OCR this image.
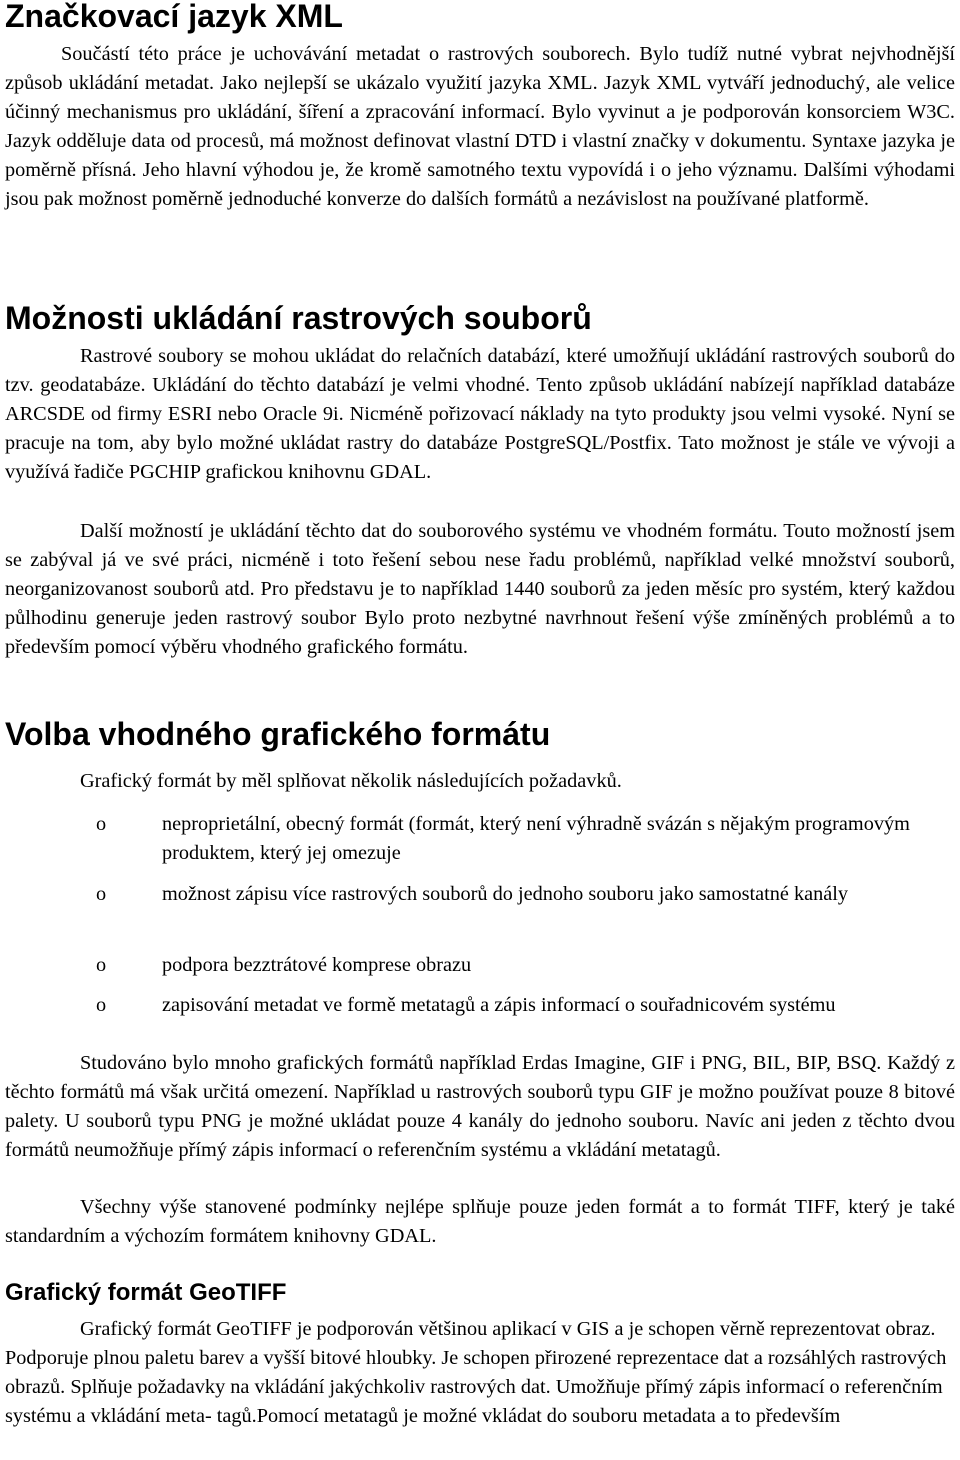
Značkovací jazyk XML

Součástí této práce je uchovávání metadat o rastrových souborech. Bylo tudíž nutné vybrat nejvhodnější způsob ukládání metadat. Jako nejlepší se ukázalo využití jazyka XML. Jazyk XML vytváří jednoduchý, ale velice účinný mechanismus pro ukládání, šíření a zpracování informací. Bylo vyvinut a je podporován konsorciem W3C. Jazyk odděluje data od procesů, má možnost definovat vlastní DTD i vlastní značky v dokumentu. Syntaxe jazyka je poměrně přísná. Jeho hlavní výhodou je, že kromě samotného textu vypovídá i o jeho významu. Dalšími výhodami jsou pak možnost poměrně jednoduché konverze do dalších formátů a nezávislost na používané platformě.

Možnosti ukládání rastrových souborů

Rastrové soubory se mohou ukládat do relačních databází, které umožňují ukládání rastrových souborů do tzv. geodatabáze. Ukládání do těchto databází je velmi vhodné. Tento způsob ukládání nabízejí například databáze ARCSDE od firmy ESRI nebo Oracle 9i. Nicméně pořizovací náklady na tyto produkty jsou velmi vysoké. Nyní se pracuje na tom, aby bylo možné ukládat rastry do databáze PostgreSQL/Postfix. Tato možnost je stále ve vývoji a využívá řadiče PGCHIP grafickou knihovnu GDAL.

Další možností je ukládání těchto dat do souborového systému ve vhodném formátu. Touto možností jsem se zabýval já ve své práci, nicméně i toto řešení sebou nese řadu problémů, například velké množství souborů, neorganizovanost souborů atd. Pro představu je to například 1440 souborů za jeden měsíc pro systém, který každou půlhodinu generuje jeden rastrový soubor Bylo proto nezbytné navrhnout řešení výše zmíněných problémů a to především pomocí výběru vhodného grafického formátu.

Volba vhodného grafického formátu

Grafický formát by měl splňovat několik následujících požadavků.

o	neproprietální, obecný formát (formát, který není výhradně svázán s nějakým programovým produktem, který jej omezuje
o	možnost zápisu více rastrových souborů do jednoho souboru jako samostatné kanály
o	podpora bezztrátové komprese obrazu
o	zapisování metadat ve formě metatagů a zápis informací o souřadnicovém systému

Studováno bylo mnoho grafických formátů například Erdas Imagine, GIF i PNG, BIL, BIP, BSQ. Každý z těchto formátů má však určitá omezení. Například u rastrových souborů typu GIF je možno používat pouze 8 bitové palety. U souborů typu PNG je možné ukládat pouze 4 kanály do jednoho souboru. Navíc ani jeden z těchto dvou formátů neumožňuje přímý zápis informací o referenčním systému a vkládání metatagů.

Všechny výše stanovené podmínky nejlépe splňuje pouze jeden formát a to formát TIFF, který je také standardním a výchozím formátem knihovny GDAL.

Grafický formát GeoTIFF

Grafický formát GeoTIFF je podporován většinou aplikací v GIS a je schopen věrně reprezentovat obraz. Podporuje plnou paletu barev a vyšší bitové hloubky. Je schopen přirozené reprezentace dat a rozsáhlých rastrových obrazů. Splňuje požadavky na vkládání jakýchkoliv rastrových dat. Umožňuje přímý zápis informací o referenčním systému a vkládání meta- tagů.Pomocí metatagů je možné vkládat do souboru metadata a to především
